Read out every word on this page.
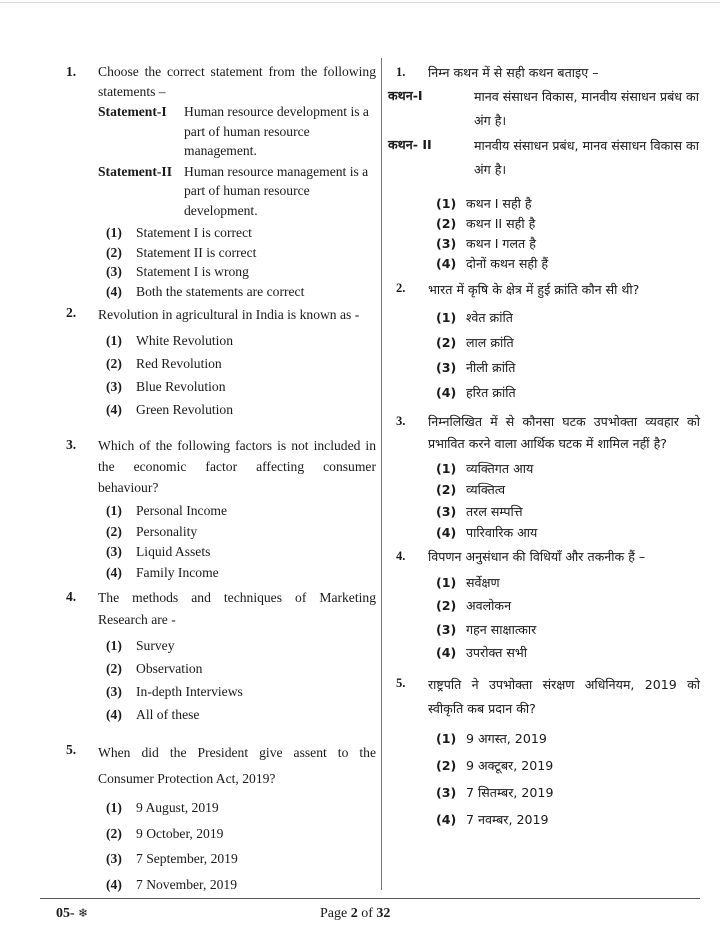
1. Choose the correct statement from the following statements –
Statement-I	Human resource development is a part of human resource management.
Statement-II Human resource management is a part of human resource development.
(1)	Statement I is correct
(2)	Statement II is correct
(3)	Statement I is wrong
(4)	Both the statements are correct
2. Revolution in agricultural in India is known as -
(1)	White Revolution
(2)	Red Revolution
(3)	Blue Revolution
(4)	Green Revolution
3. Which of the following factors is not included in the economic factor affecting consumer behaviour?
(1)	Personal Income
(2)	Personality
(3)	Liquid Assets
(4)	Family Income
4. The methods and techniques of Marketing Research are -
(1)	Survey
(2)	Observation
(3)	In-depth Interviews
(4)	All of these
5. When did the President give assent to the Consumer Protection Act, 2019?
(1)	9 August, 2019
(2)	9 October, 2019
(3)	7 September, 2019
(4)	7 November, 2019
1. निम्न कथन में से सही कथन बताइए –
कथन-I	मानव संसाधन विकास, मानवीय संसाधन प्रबंध का अंग है।
कथन- II	मानवीय संसाधन प्रबंध, मानव संसाधन विकास का अंग है।
(1) कथन I सही है
(2) कथन II सही है
(3) कथन I गलत है
(4) दोनों कथन सही हैं
2. भारत में कृषि के क्षेत्र में हुई क्रांति कौन सी थी?
(1) श्वेत क्रांति
(2) लाल क्रांति
(3) नीली क्रांति
(4) हरित क्रांति
3. निम्नलिखित में से कौनसा घटक उपभोक्ता व्यवहार को प्रभावित करने वाला आर्थिक घटक में शामिल नहीं है?
(1) व्यक्तिगत आय
(2) व्यक्तित्व
(3) तरल सम्पत्ति
(4) पारिवारिक आय
4. विपणन अनुसंधान की विधियाँ और तकनीक हैं –
(1) सर्वेक्षण
(2) अवलोकन
(3) गहन साक्षात्कार
(4) उपरोक्त सभी
5. राष्ट्रपति ने उपभोक्ता संरक्षण अधिनियम, 2019 को स्वीकृति कब प्रदान की?
(1) 9 अगस्त, 2019
(2) 9 अक्टूबर, 2019
(3) 7 सितम्बर, 2019
(4) 7 नवम्बर, 2019
05- ❄	Page 2 of 32
